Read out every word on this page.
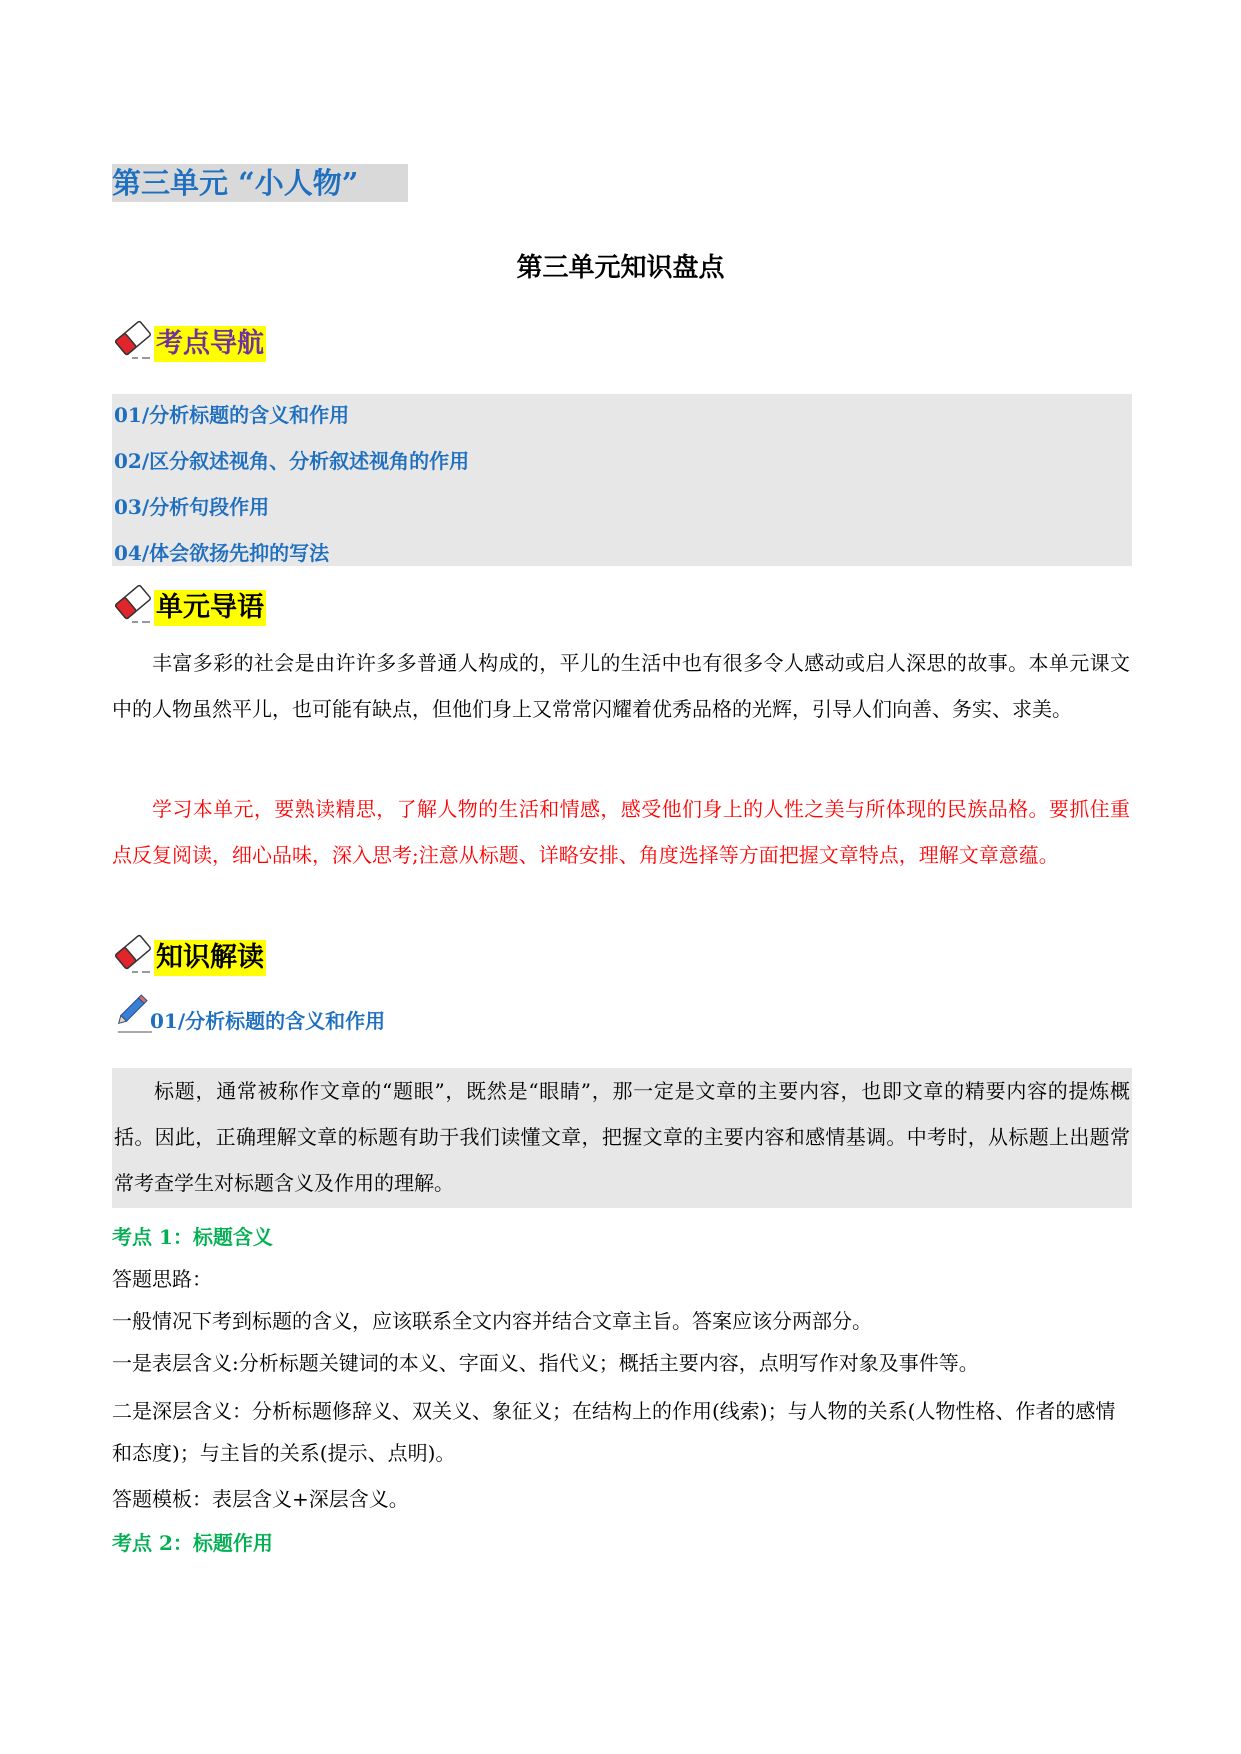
第三单元 “小人物”
第三单元知识盘点
考点导航
01/分析标题的含义和作用
02/区分叙述视角、分析叙述视角的作用
03/分析句段作用
04/体会欲扬先抑的写法
单元导语

丰富多彩的社会是由许许多多普通人构成的，平儿的生活中也有很多令人感动或启人深思的故事。本单元课文中的人物虽然平儿，也可能有缺点，但他们身上又常常闪耀着优秀品格的光辉，引导人们向善、务实、求美。

学习本单元，要熟读精思，了解人物的生活和情感，感受他们身上的人性之美与所体现的民族品格。要抓住重点反复阅读，细心品味，深入思考;注意从标题、详略安排、角度选择等方面把握文章特点，理解文章意蕴。

知识解读
01/分析标题的含义和作用

标题，通常被称作文章的“题眼”，既然是“眼睛”，那一定是文章的主要内容，也即文章的精要内容的提炼概括。因此，正确理解文章的标题有助于我们读懂文章，把握文章的主要内容和感情基调。中考时，从标题上出题常常考查学生对标题含义及作用的理解。

考点 1：标题含义

答题思路：

一般情况下考到标题的含义，应该联系全文内容并结合文章主旨。答案应该分两部分。

一是表层含义:分析标题关键词的本义、字面义、指代义；概括主要内容，点明写作对象及事件等。

二是深层含义：分析标题修辞义、双关义、象征义；在结构上的作用(线索)；与人物的关系(人物性格、作者的感情和态度)；与主旨的关系(提示、点明)。

答题模板：表层含义+深层含义。

考点 2：标题作用
